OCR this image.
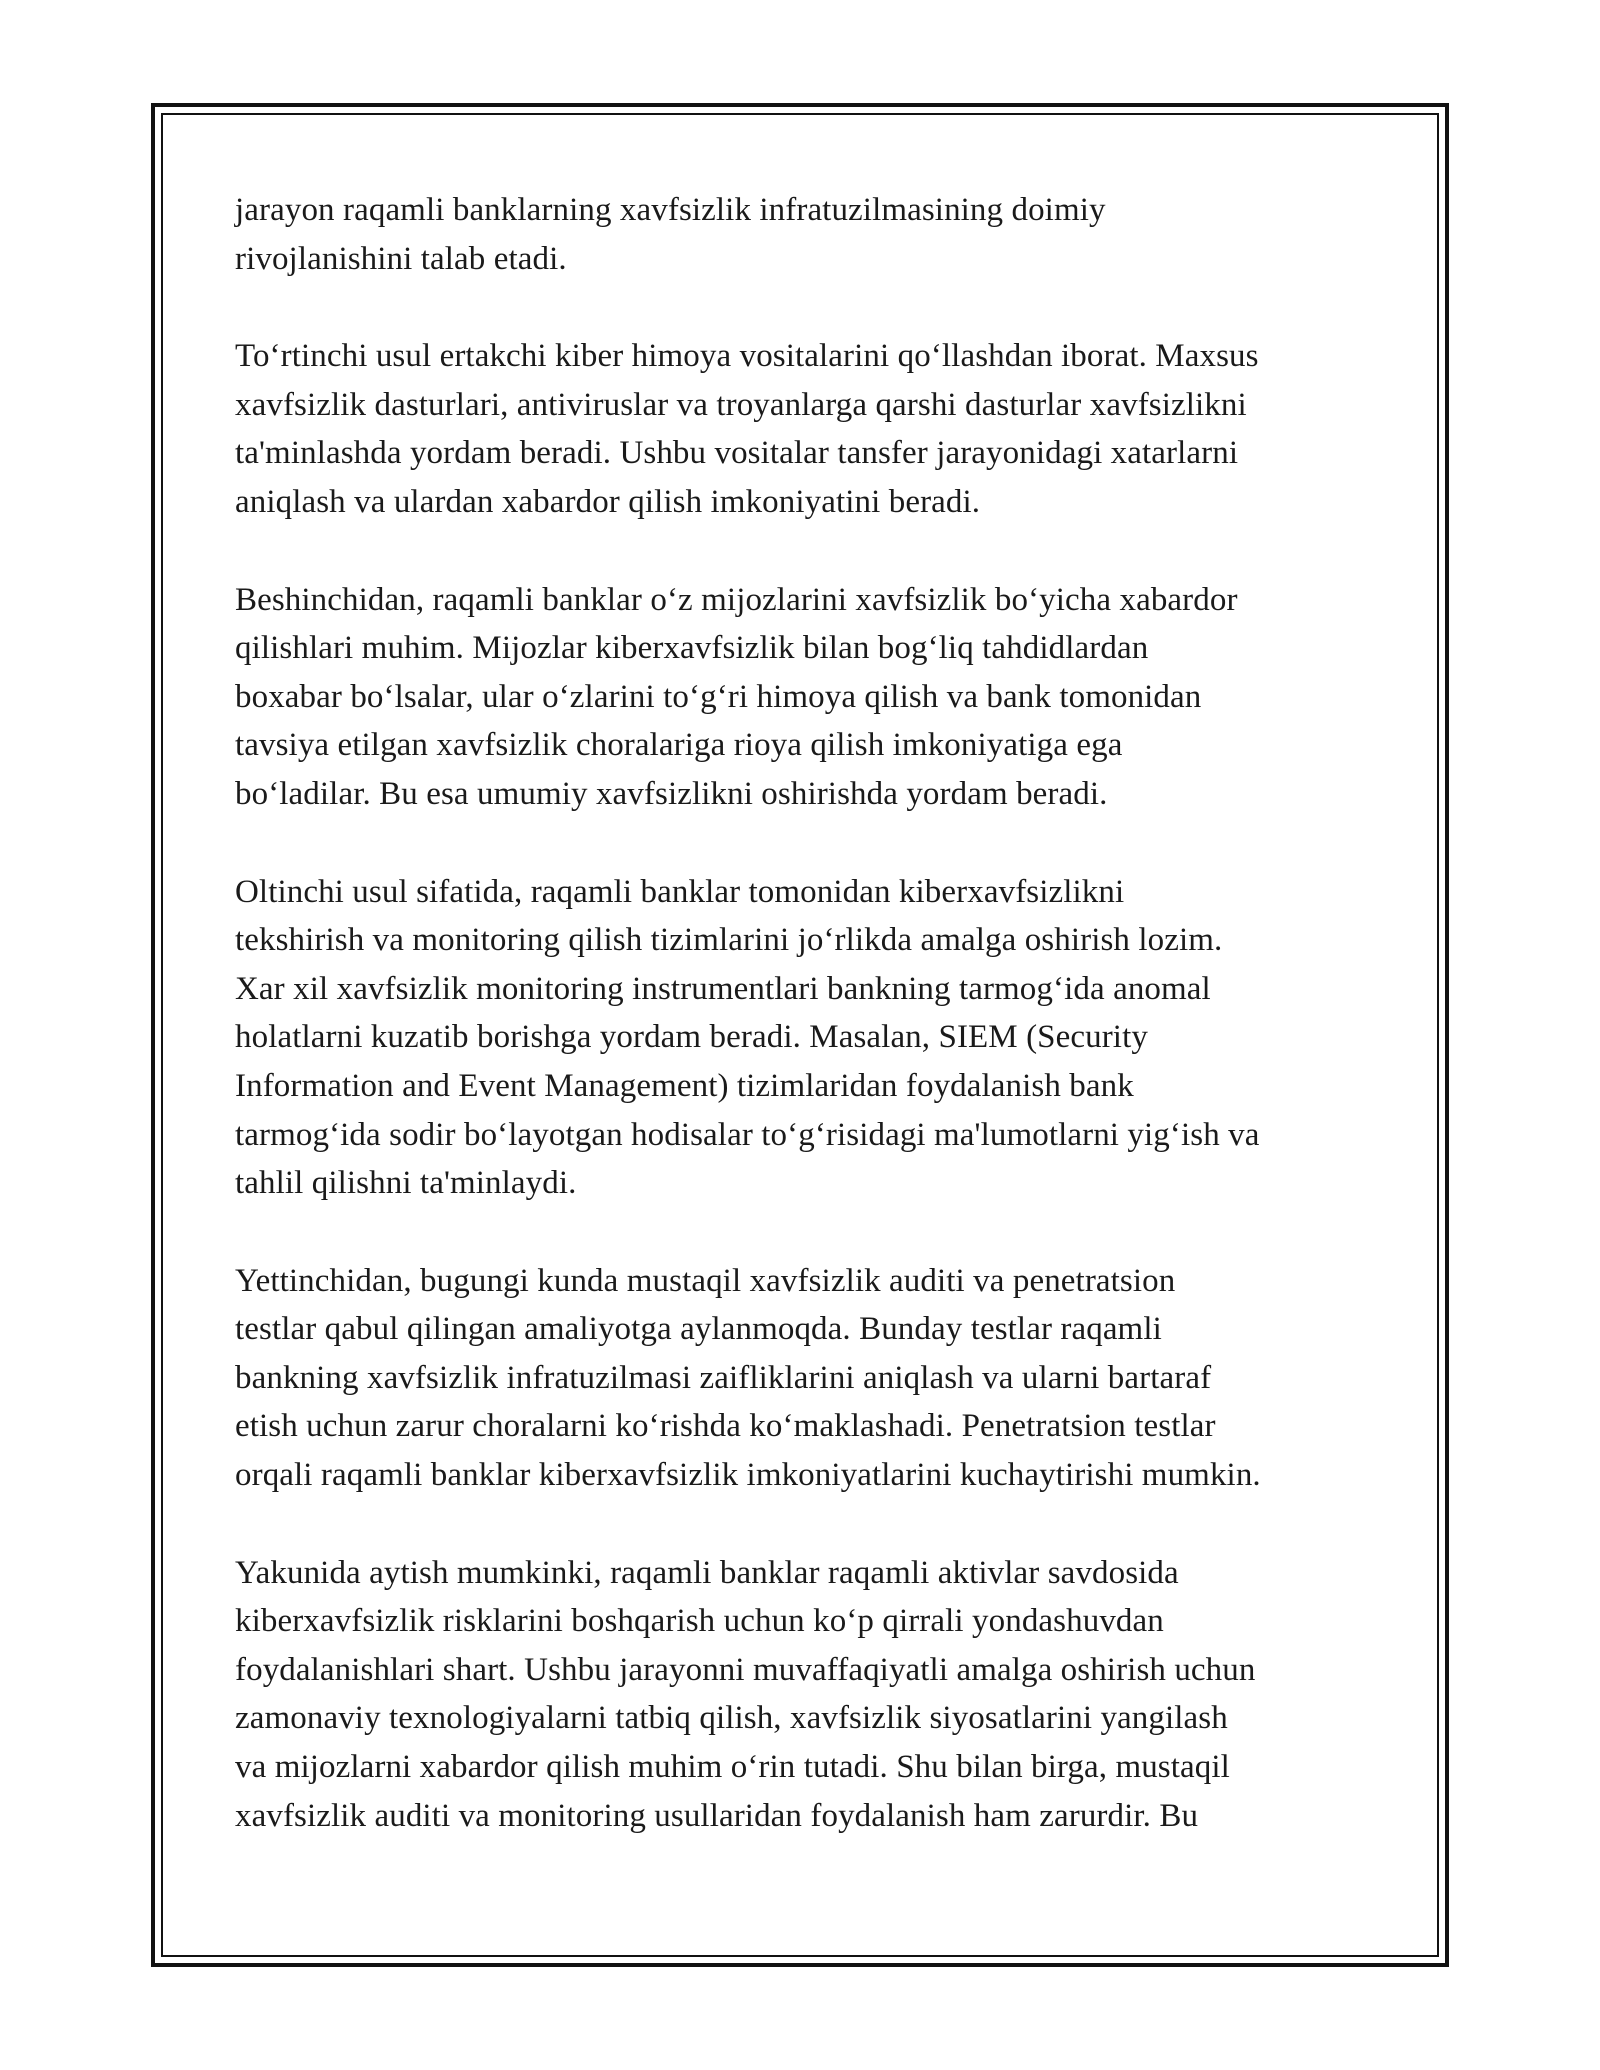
jarayon raqamli banklarning xavfsizlik infratuzilmasining doimiy
rivojlanishini talab etadi.

To‘rtinchi usul ertakchi kiber himoya vositalarini qo‘llashdan iborat. Maxsus
xavfsizlik dasturlari, antiviruslar va troyanlarga qarshi dasturlar xavfsizlikni
ta'minlashda yordam beradi. Ushbu vositalar tansfer jarayonidagi xatarlarni
aniqlash va ulardan xabardor qilish imkoniyatini beradi.

Beshinchidan, raqamli banklar o‘z mijozlarini xavfsizlik bo‘yicha xabardor
qilishlari muhim. Mijozlar kiberxavfsizlik bilan bog‘liq tahdidlardan
boxabar bo‘lsalar, ular o‘zlarini to‘g‘ri himoya qilish va bank tomonidan
tavsiya etilgan xavfsizlik choralariga rioya qilish imkoniyatiga ega
bo‘ladilar. Bu esa umumiy xavfsizlikni oshirishda yordam beradi.

Oltinchi usul sifatida, raqamli banklar tomonidan kiberxavfsizlikni
tekshirish va monitoring qilish tizimlarini jo‘rlikda amalga oshirish lozim.
Xar xil xavfsizlik monitoring instrumentlari bankning tarmog‘ida anomal
holatlarni kuzatib borishga yordam beradi. Masalan, SIEM (Security
Information and Event Management) tizimlaridan foydalanish bank
tarmog‘ida sodir bo‘layotgan hodisalar to‘g‘risidagi ma'lumotlarni yig‘ish va
tahlil qilishni ta'minlaydi.

Yettinchidan, bugungi kunda mustaqil xavfsizlik auditi va penetratsion
testlar qabul qilingan amaliyotga aylanmoqda. Bunday testlar raqamli
bankning xavfsizlik infratuzilmasi zaifliklarini aniqlash va ularni bartaraf
etish uchun zarur choralarni ko‘rishda ko‘maklashadi. Penetratsion testlar
orqali raqamli banklar kiberxavfsizlik imkoniyatlarini kuchaytirishi mumkin.

Yakunida aytish mumkinki, raqamli banklar raqamli aktivlar savdosida
kiberxavfsizlik risklarini boshqarish uchun ko‘p qirrali yondashuvdan
foydalanishlari shart. Ushbu jarayonni muvaffaqiyatli amalga oshirish uchun
zamonaviy texnologiyalarni tatbiq qilish, xavfsizlik siyosatlarini yangilash
va mijozlarni xabardor qilish muhim o‘rin tutadi. Shu bilan birga, mustaqil
xavfsizlik auditi va monitoring usullaridan foydalanish ham zarurdir. Bu
